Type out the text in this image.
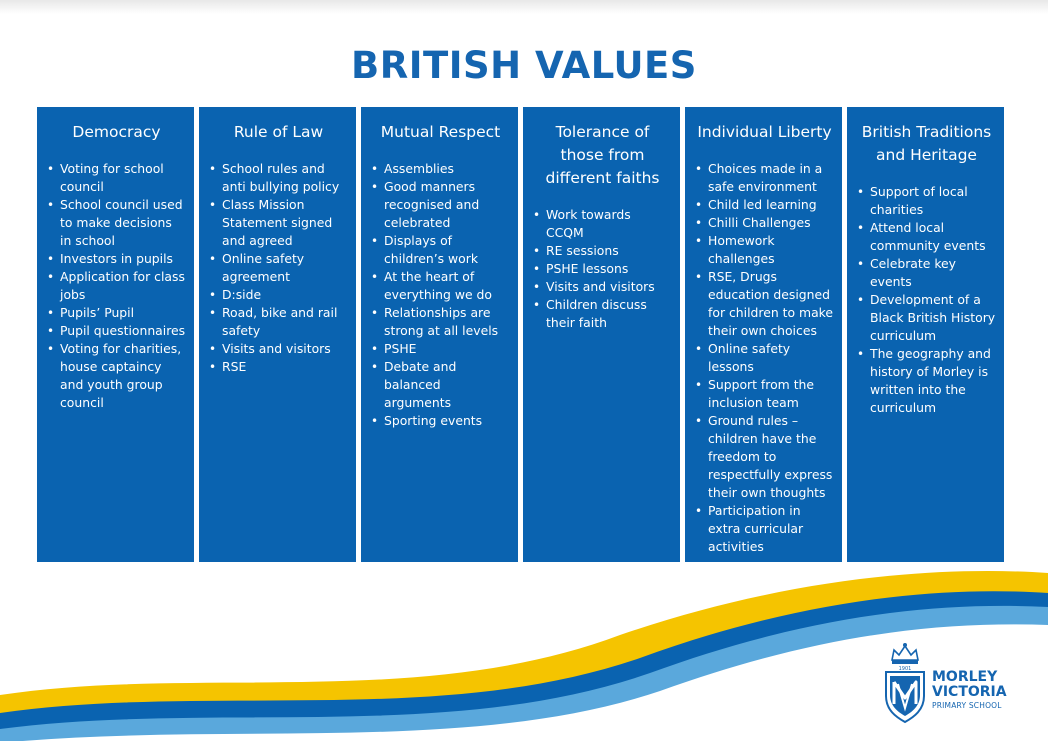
BRITISH VALUES
Democracy
• Voting for school council
• School council used to make decisions in school
• Investors in pupils
• Application for class jobs
• Pupils’ Pupil
• Pupil questionnaires
• Voting for charities, house captaincy and youth group council
Rule of Law
• School rules and anti bullying policy
• Class Mission Statement signed and agreed
• Online safety agreement
• D:side
• Road, bike and rail safety
• Visits and visitors
• RSE
Mutual Respect
• Assemblies
• Good manners recognised and celebrated
• Displays of children’s work
• At the heart of everything we do
• Relationships are strong at all levels
• PSHE
• Debate and balanced arguments
• Sporting events
Tolerance of those from different faiths
• Work towards CCQM
• RE sessions
• PSHE lessons
• Visits and visitors
• Children discuss their faith
Individual Liberty
• Choices made in a safe environment
• Child led learning
• Chilli Challenges
• Homework challenges
• RSE, Drugs education designed for children to make their own choices
• Online safety lessons
• Support from the inclusion team
• Ground rules – children have the freedom to respectfully express their own thoughts
• Participation in extra curricular activities
British Traditions and Heritage
• Support of local charities
• Attend local community events
• Celebrate key events
• Development of a Black British History curriculum
• The geography and history of Morley is written into the curriculum
1901 MORLEY
VICTORIA
PRIMARY SCHOOL
